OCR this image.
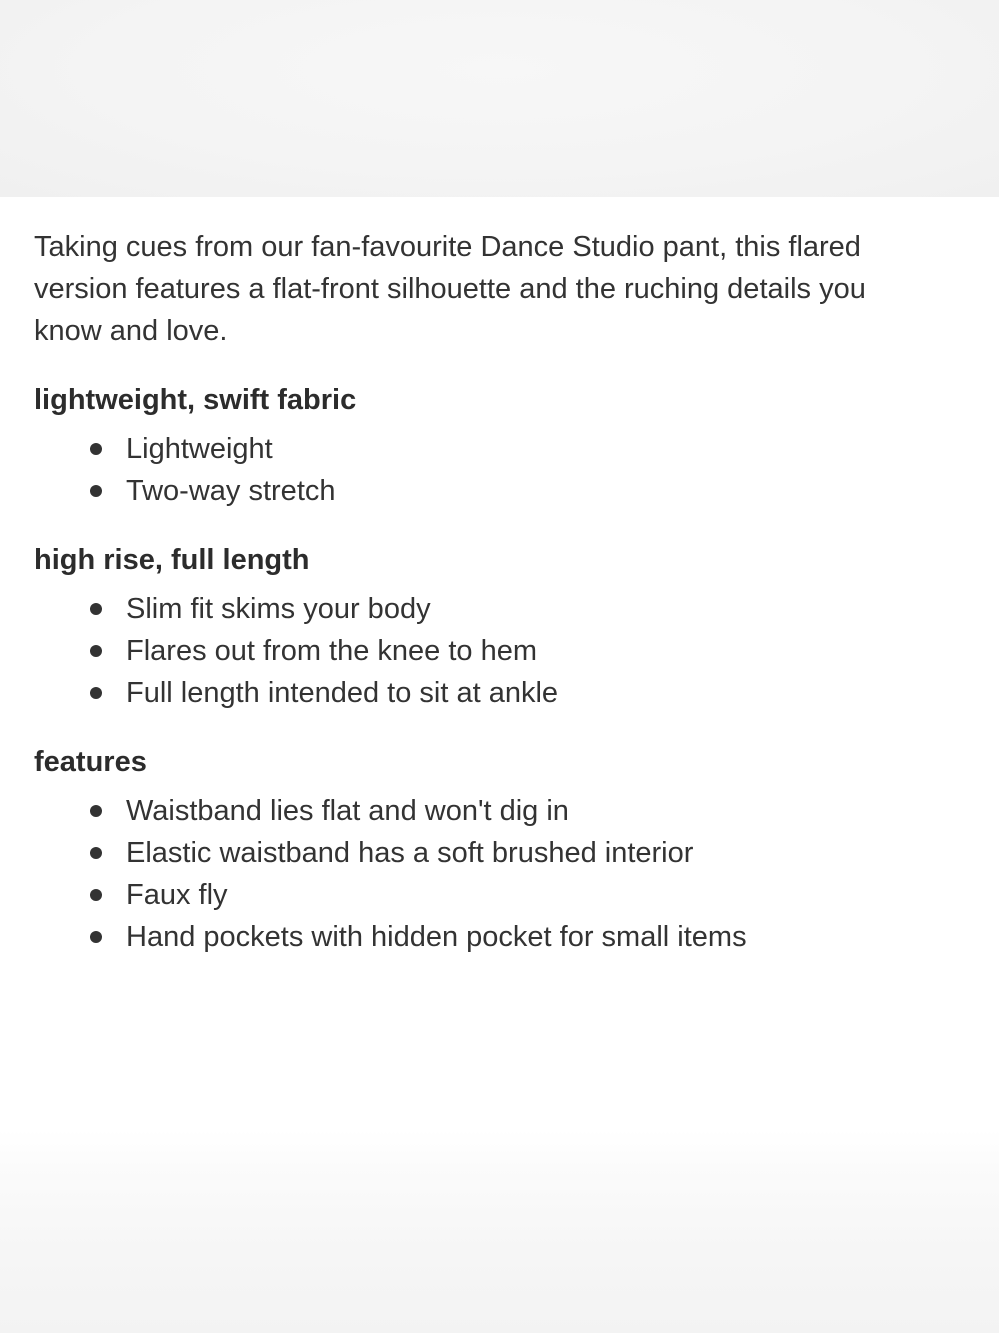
Taking cues from our fan-favourite Dance Studio pant, this flared version features a flat-front silhouette and the ruching details you know and love.

lightweight, swift fabric
Lightweight
Two-way stretch
high rise, full length
Slim fit skims your body
Flares out from the knee to hem
Full length intended to sit at ankle
features
Waistband lies flat and won't dig in
Elastic waistband has a soft brushed interior
Faux fly
Hand pockets with hidden pocket for small items
